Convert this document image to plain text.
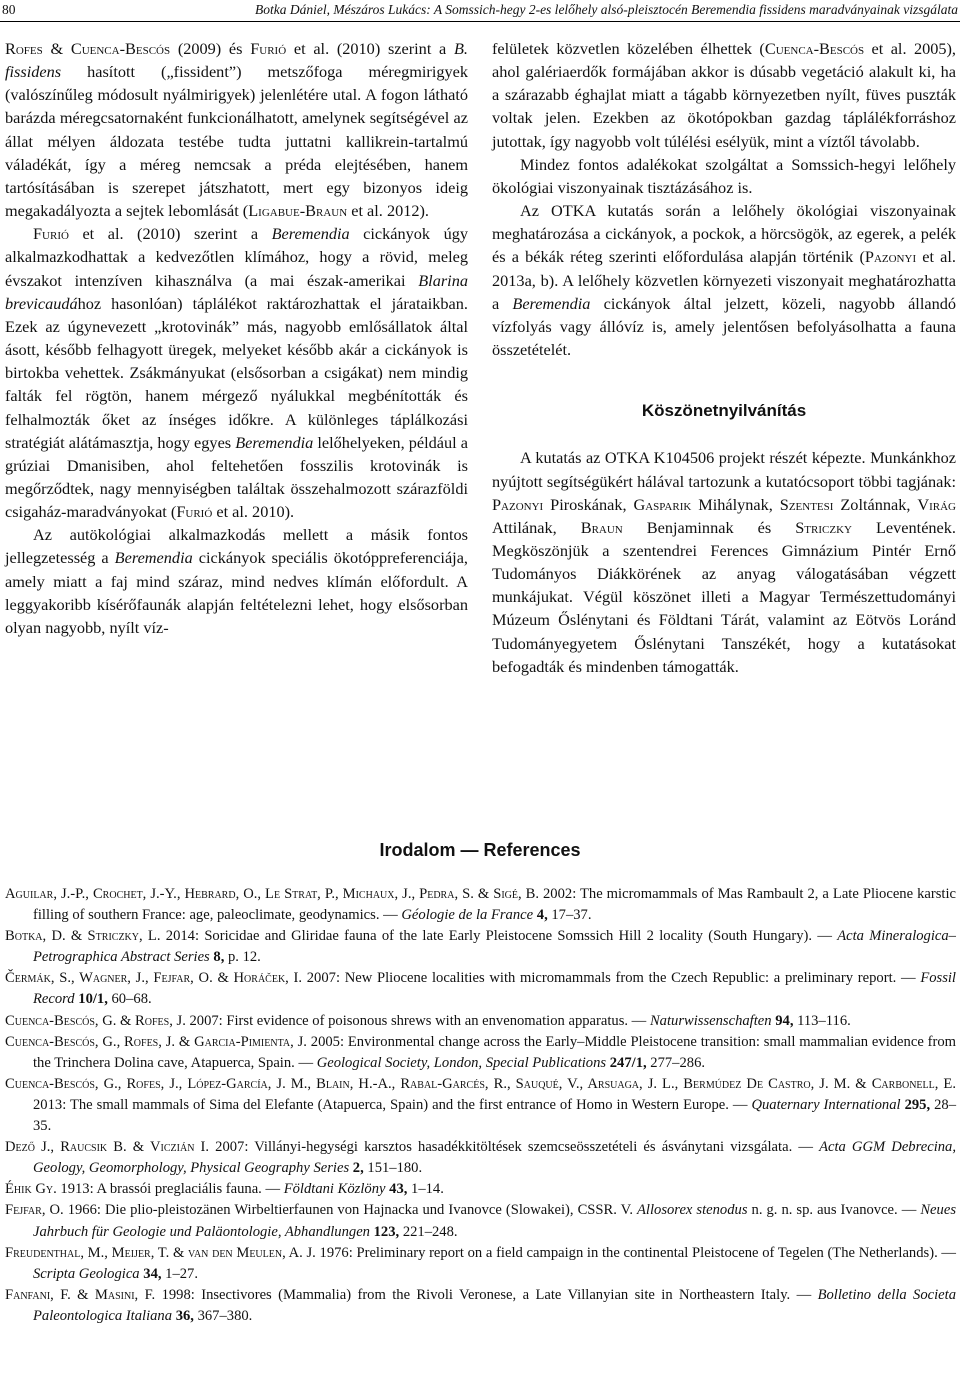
80	Botka Dániel, Mészáros Lukács: A Somssich-hegy 2-es lelőhely alsó-pleisztocén Beremendia fissidens maradványainak vizsgálata

Rofes & Cuenca-Bescós (2009) és Furió et al. (2010) szerint a B. fissidens hasított („fissident”) metszőfoga méregmirigyek (valószínűleg módosult nyálmirigyek) jelenlétére utal. A fogon látható barázda méregcsatornaként funkcionálhatott, amelynek segítségével az állat mélyen áldozata testébe tudta juttatni kallikrein-tartalmú váladékát, így a méreg nemcsak a préda elejtésében, hanem tartósításában is szerepet játszhatott, mert egy bizonyos ideig megakadályozta a sejtek lebomlását (Ligabue-Braun et al. 2012).

Furió et al. (2010) szerint a Beremendia cickányok úgy alkalmazkodhattak a kedvezőtlen klímához, hogy a rövid, meleg évszakot intenzíven kihasználva (a mai észak-amerikai Blarina brevicaudához hasonlóan) táplálékot raktározhattak el járataikban. Ezek az úgynevezett „krotovinák” más, nagyobb emlősállatok által ásott, később felhagyott üregek, melyeket később akár a cickányok is birtokba vehettek. Zsákmányukat (elsősorban a csigákat) nem mindig falták fel rögtön, hanem mérgező nyálukkal megbénították és felhalmozták őket az ínséges időkre. A különleges táplálkozási stratégiát alátámasztja, hogy egyes Beremendia lelőhelyeken, például a grúziai Dmanisiben, ahol feltehetően fosszilis krotovinák is megőrződtek, nagy mennyiségben találtak összehalmozott szárazföldi csigaház-maradványokat (Furió et al. 2010).

Az autökológiai alkalmazkodás mellett a másik fontos jellegzetesség a Beremendia cickányok speciális ökotóppreferenciája, amely miatt a faj mind száraz, mind nedves klímán előfordult. A leggyakoribb kísérőfaunák alapján feltételezni lehet, hogy elsősorban olyan nagyobb, nyílt víz-

felületek közvetlen közelében élhettek (Cuenca-Bescós et al. 2005), ahol galériaerdők formájában akkor is dúsabb vegetáció alakult ki, ha a szárazabb éghajlat miatt a tágabb környezetben nyílt, füves puszták voltak jelen. Ezekben az ökotópokban gazdag táplálékforráshoz jutottak, így nagyobb volt túlélési esélyük, mint a víztől távolabb.

Mindez fontos adalékokat szolgáltat a Somssich-hegyi lelőhely ökológiai viszonyainak tisztázásához is.

Az OTKA kutatás során a lelőhely ökológiai viszonyainak meghatározása a cickányok, a pockok, a hörcsögök, az egerek, a pelék és a békák réteg szerinti előfordulása alapján történik (Pazonyi et al. 2013a, b). A lelőhely közvetlen környezeti viszonyait meghatározhatta a Beremendia cickányok által jelzett, közeli, nagyobb állandó vízfolyás vagy állóvíz is, amely jelentősen befolyásolhatta a fauna összetételét.

Köszönetnyilvánítás

A kutatás az OTKA K104506 projekt részét képezte. Munkánkhoz nyújtott segítségükért hálával tartozunk a kutatócsoport többi tagjának: Pazonyi Piroskának, Gasparik Mihálynak, Szentesi Zoltánnak, Virág Attilának, Braun Benjaminnak és Striczky Leventének. Megköszönjük a szentendrei Ferences Gimnázium Pintér Ernő Tudományos Diákkörének az anyag válogatásában végzett munkájukat. Végül köszönet illeti a Magyar Természettudományi Múzeum Őslénytani és Földtani Tárát, valamint az Eötvös Loránd Tudományegyetem Őslénytani Tanszékét, hogy a kutatásokat befogadták és mindenben támogatták.

Irodalom — References

Aguilar, J.-P., Crochet, J.-Y., Hebrard, O., Le Strat, P., Michaux, J., Pedra, S. & Sigé, B. 2002: The micromammals of Mas Rambault 2, a Late Pliocene karstic filling of southern France: age, paleoclimate, geodynamics. — Géologie de la France 4, 17–37.

Botka, D. & Striczky, L. 2014: Soricidae and Gliridae fauna of the late Early Pleistocene Somssich Hill 2 locality (South Hungary). — Acta Mineralogica–Petrographica Abstract Series 8, p. 12.

Čermák, S., Wagner, J., Fejfar, O. & Horáček, I. 2007: New Pliocene localities with micromammals from the Czech Republic: a preliminary report. — Fossil Record 10/1, 60–68.

Cuenca-Bescós, G. & Rofes, J. 2007: First evidence of poisonous shrews with an envenomation apparatus. — Naturwissenschaften 94, 113–116.

Cuenca-Bescós, G., Rofes, J. & Garcia-Pimienta, J. 2005: Environmental change across the Early–Middle Pleistocene transition: small mammalian evidence from the Trinchera Dolina cave, Atapuerca, Spain. — Geological Society, London, Special Publications 247/1, 277–286.

Cuenca-Bescós, G., Rofes, J., López-García, J. M., Blain, H.-A., Rabal-Garcés, R., Sauqué, V., Arsuaga, J. L., Bermúdez De Castro, J. M. & Carbonell, E. 2013: The small mammals of Sima del Elefante (Atapuerca, Spain) and the first entrance of Homo in Western Europe. — Quaternary International 295, 28–35.

Dező J., Raucsik B. & Viczián I. 2007: Villányi-hegységi karsztos hasadékkitöltések szemcseösszetételi és ásványtani vizsgálata. — Acta GGM Debrecina, Geology, Geomorphology, Physical Geography Series 2, 151–180.

Éhik Gy. 1913: A brassói preglaciális fauna. — Földtani Közlöny 43, 1–14.

Fejfar, O. 1966: Die plio-pleistozänen Wirbeltierfaunen von Hajnacka und Ivanovce (Slowakei), CSSR. V. Allosorex stenodus n. g. n. sp. aus Ivanovce. — Neues Jahrbuch für Geologie und Paläontologie, Abhandlungen 123, 221–248.

Freudenthal, M., Meijer, T. & van den Meulen, A. J. 1976: Preliminary report on a field campaign in the continental Pleistocene of Tegelen (The Netherlands). — Scripta Geologica 34, 1–27.

Fanfani, F. & Masini, F. 1998: Insectivores (Mammalia) from the Rivoli Veronese, a Late Villanyian site in Northeastern Italy. — Bolletino della Societa Paleontologica Italiana 36, 367–380.
